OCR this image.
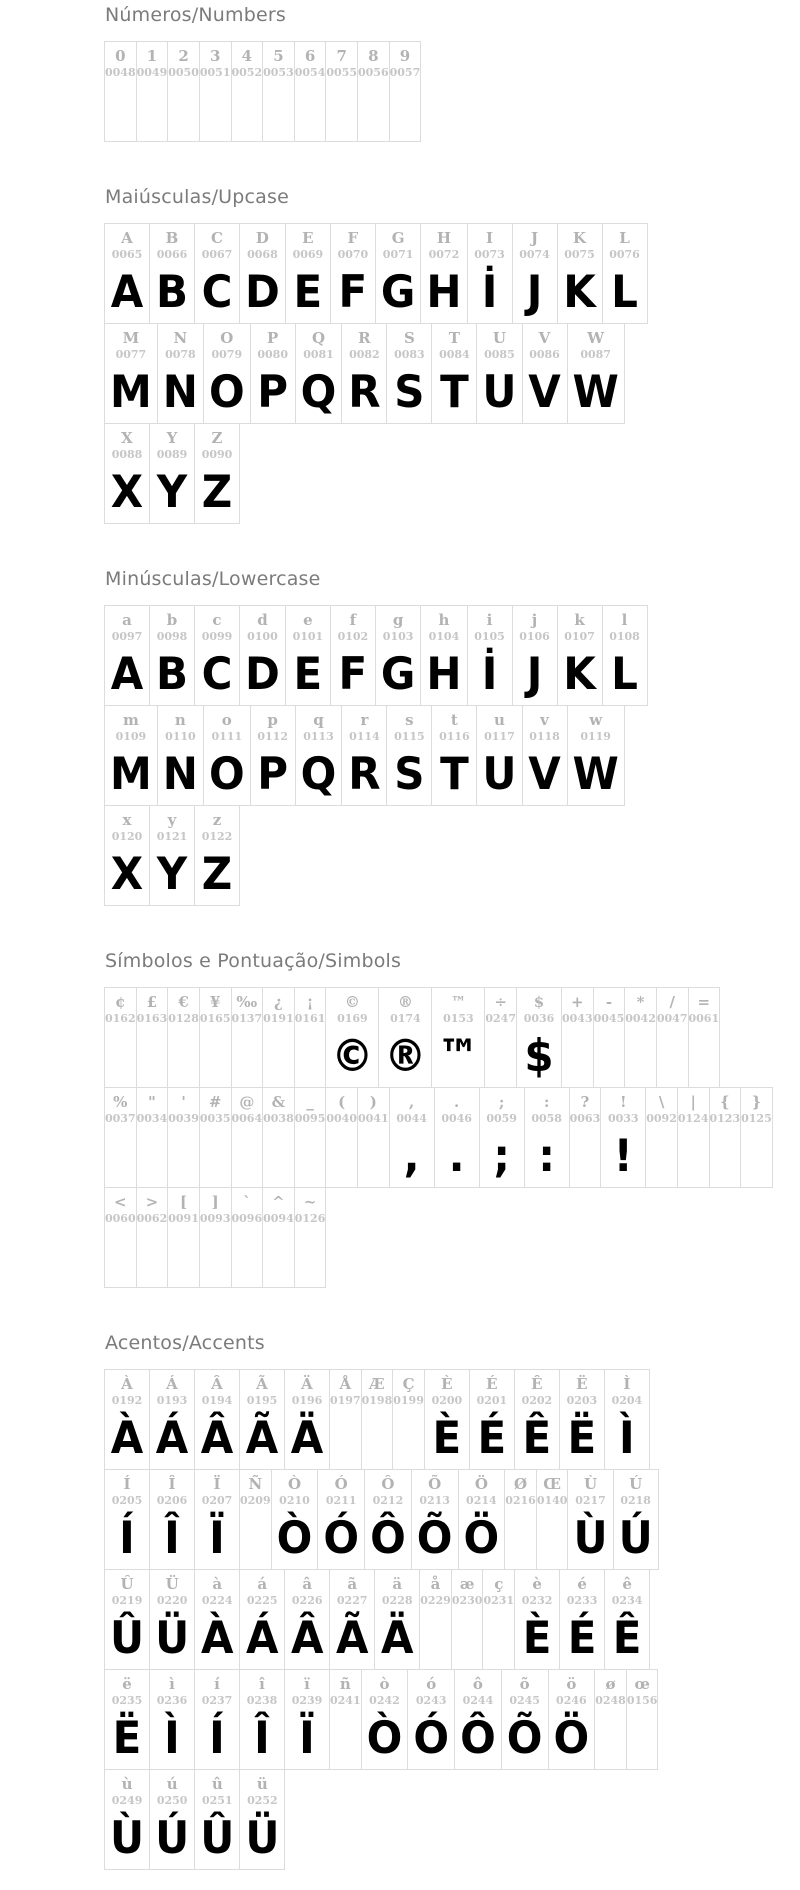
Números/Numbers
0
0048
1
0049
2
0050
3
0051
4
0052
5
0053
6
0054
7
0055
8
0056
9
0057
Maiúsculas/Upcase
A
0065
A
B
0066
B
C
0067
C
D
0068
D
E
0069
E
F
0070
F
G
0071
G
H
0072
H
I
0073
İ
J
0074
J
K
0075
K
L
0076
L
M
0077
M
N
0078
N
O
0079
O
P
0080
P
Q
0081
Q
R
0082
R
S
0083
S
T
0084
T
U
0085
U
V
0086
V
W
0087
W
X
0088
X
Y
0089
Y
Z
0090
Z
Minúsculas/Lowercase
a
0097
A
b
0098
B
c
0099
C
d
0100
D
e
0101
E
f
0102
F
g
0103
G
h
0104
H
i
0105
İ
j
0106
J
k
0107
K
l
0108
L
m
0109
M
n
0110
N
o
0111
O
p
0112
P
q
0113
Q
r
0114
R
s
0115
S
t
0116
T
u
0117
U
v
0118
V
w
0119
W
x
0120
X
y
0121
Y
z
0122
Z
Símbolos e Pontuação/Simbols
¢
0162
£
0163
€
0128
¥
0165
‰
0137
¿
0191
¡
0161
©
0169
©
®
0174
®
™
0153
™
÷
0247
$
0036
$
+
0043
-
0045
*
0042
/
0047
=
0061
%
0037
"
0034
'
0039
#
0035
@
0064
&
0038
_
0095
(
0040
)
0041
,
0044
,
.
0046
.
;
0059
;
:
0058
:
?
0063
!
0033
!
\
0092
|
0124
{
0123
}
0125
<
0060
>
0062
[
0091
]
0093
`
0096
^
0094
~
0126
Acentos/Accents
À
0192
À
Á
0193
Á
Â
0194
Â
Ã
0195
Ã
Ä
0196
Ä
Å
0197
Æ
0198
Ç
0199
È
0200
È
É
0201
É
Ê
0202
Ê
Ë
0203
Ë
Ì
0204
Ì
Í
0205
Í
Î
0206
Î
Ï
0207
Ï
Ñ
0209
Ò
0210
Ò
Ó
0211
Ó
Ô
0212
Ô
Õ
0213
Õ
Ö
0214
Ö
Ø
0216
Œ
0140
Ù
0217
Ù
Ú
0218
Ú
Û
0219
Û
Ü
0220
Ü
à
0224
À
á
0225
Á
â
0226
Â
ã
0227
Ã
ä
0228
Ä
å
0229
æ
0230
ç
0231
è
0232
È
é
0233
É
ê
0234
Ê
ë
0235
Ë
ì
0236
Ì
í
0237
Í
î
0238
Î
ï
0239
Ï
ñ
0241
ò
0242
Ò
ó
0243
Ó
ô
0244
Ô
õ
0245
Õ
ö
0246
Ö
ø
0248
œ
0156
ù
0249
Ù
ú
0250
Ú
û
0251
Û
ü
0252
Ü
